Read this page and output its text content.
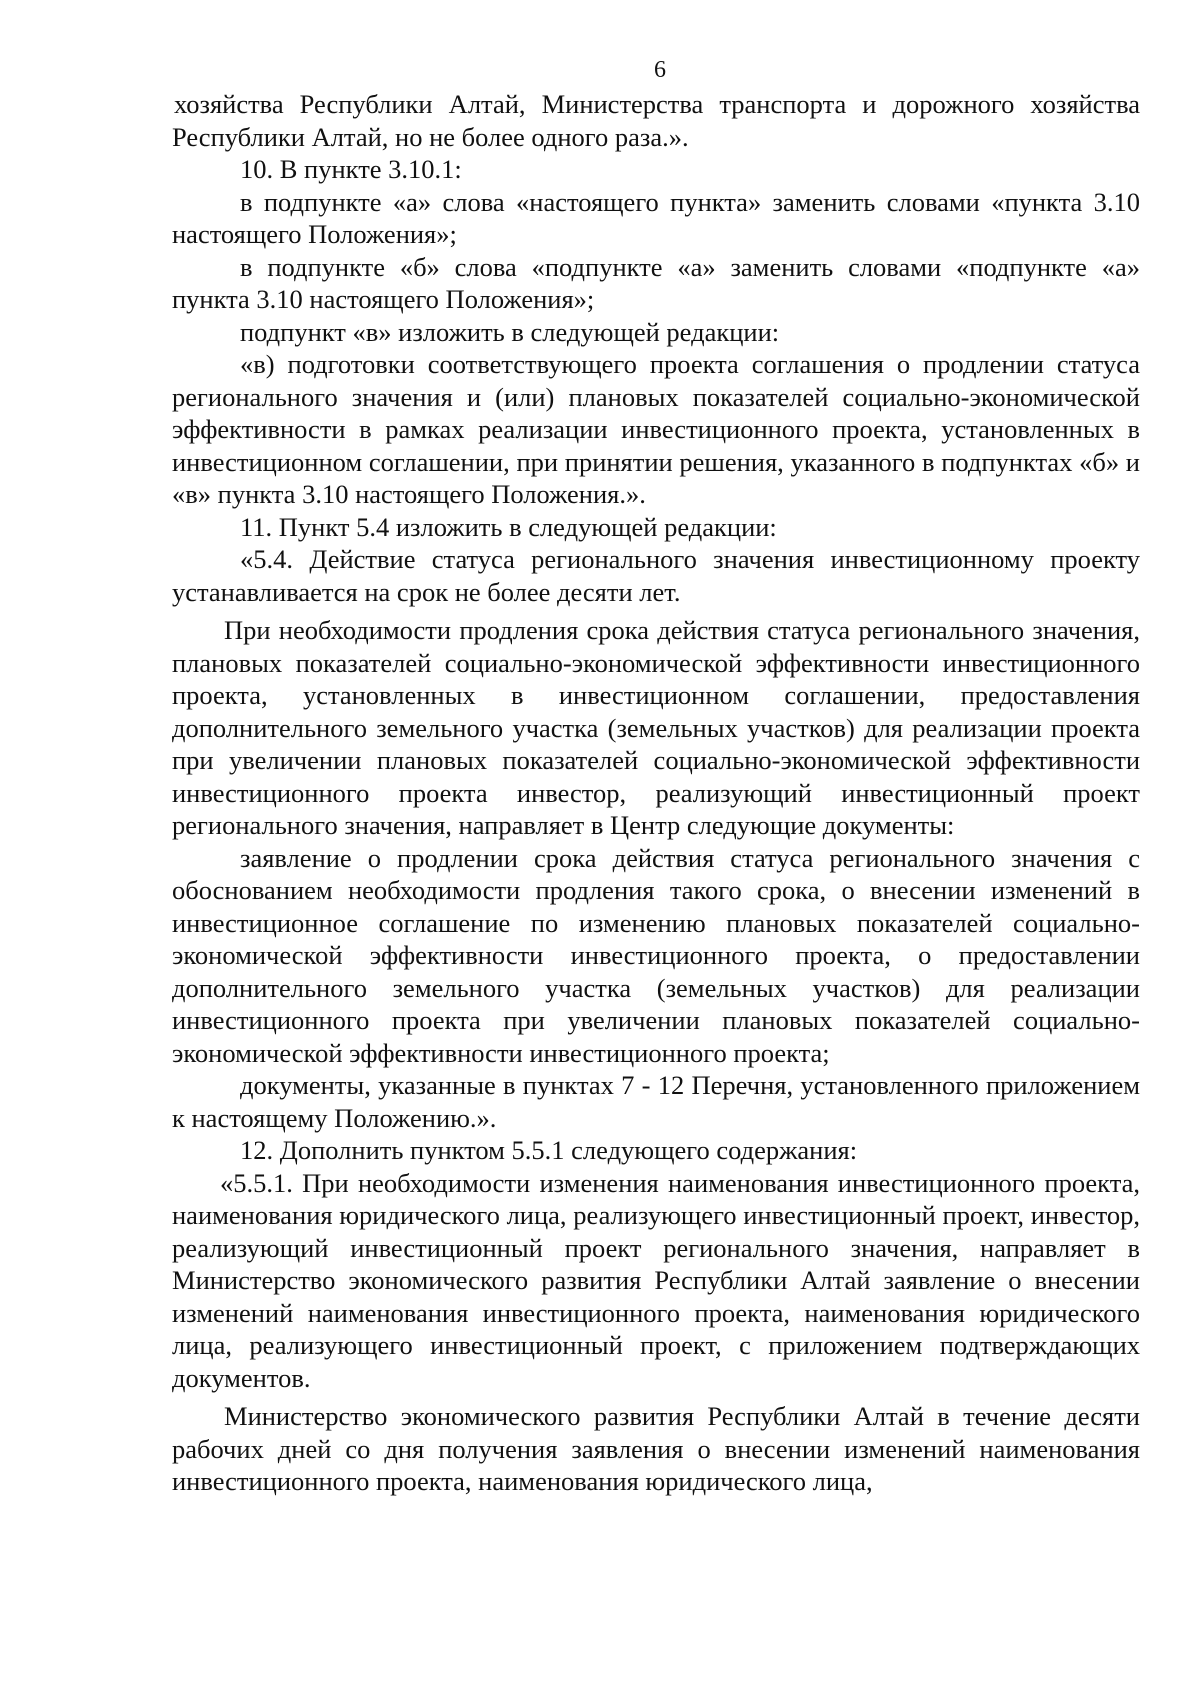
6

хозяйства Республики Алтай, Министерства транспорта и дорожного хозяйства Республики Алтай, но не более одного раза.».

10. В пункте 3.10.1:

в подпункте «а» слова «настоящего пункта» заменить словами «пункта 3.10 настоящего Положения»;

в подпункте «б» слова «подпункте «а» заменить словами «подпункте «а» пункта 3.10 настоящего Положения»;

подпункт «в» изложить в следующей редакции:

«в) подготовки соответствующего проекта соглашения о продлении статуса регионального значения и (или) плановых показателей социально-экономической эффективности в рамках реализации инвестиционного проекта, установленных в инвестиционном соглашении, при принятии решения, указанного в подпунктах «б» и «в» пункта 3.10 настоящего Положения.».

11. Пункт 5.4 изложить в следующей редакции:

«5.4. Действие статуса регионального значения инвестиционному проекту устанавливается на срок не более десяти лет.

При необходимости продления срока действия статуса регионального значения, плановых показателей социально-экономической эффективности инвестиционного проекта, установленных в инвестиционном соглашении, предоставления дополнительного земельного участка (земельных участков) для реализации проекта при увеличении плановых показателей социально-экономической эффективности инвестиционного проекта инвестор, реализующий инвестиционный проект регионального значения, направляет в Центр следующие документы:

заявление о продлении срока действия статуса регионального значения с обоснованием необходимости продления такого срока, о внесении изменений в инвестиционное соглашение по изменению плановых показателей социально-экономической эффективности инвестиционного проекта, о предоставлении дополнительного земельного участка (земельных участков) для реализации инвестиционного проекта при увеличении плановых показателей социально-экономической эффективности инвестиционного проекта;

документы, указанные в пунктах 7 - 12 Перечня, установленного приложением к настоящему Положению.».

12. Дополнить пунктом 5.5.1 следующего содержания:

«5.5.1. При необходимости изменения наименования инвестиционного проекта, наименования юридического лица, реализующего инвестиционный проект, инвестор, реализующий инвестиционный проект регионального значения, направляет в Министерство экономического развития Республики Алтай заявление о внесении изменений наименования инвестиционного проекта, наименования юридического лица, реализующего инвестиционный проект, с приложением подтверждающих документов.

Министерство экономического развития Республики Алтай в течение десяти рабочих дней со дня получения заявления о внесении изменений наименования инвестиционного проекта, наименования юридического лица,
